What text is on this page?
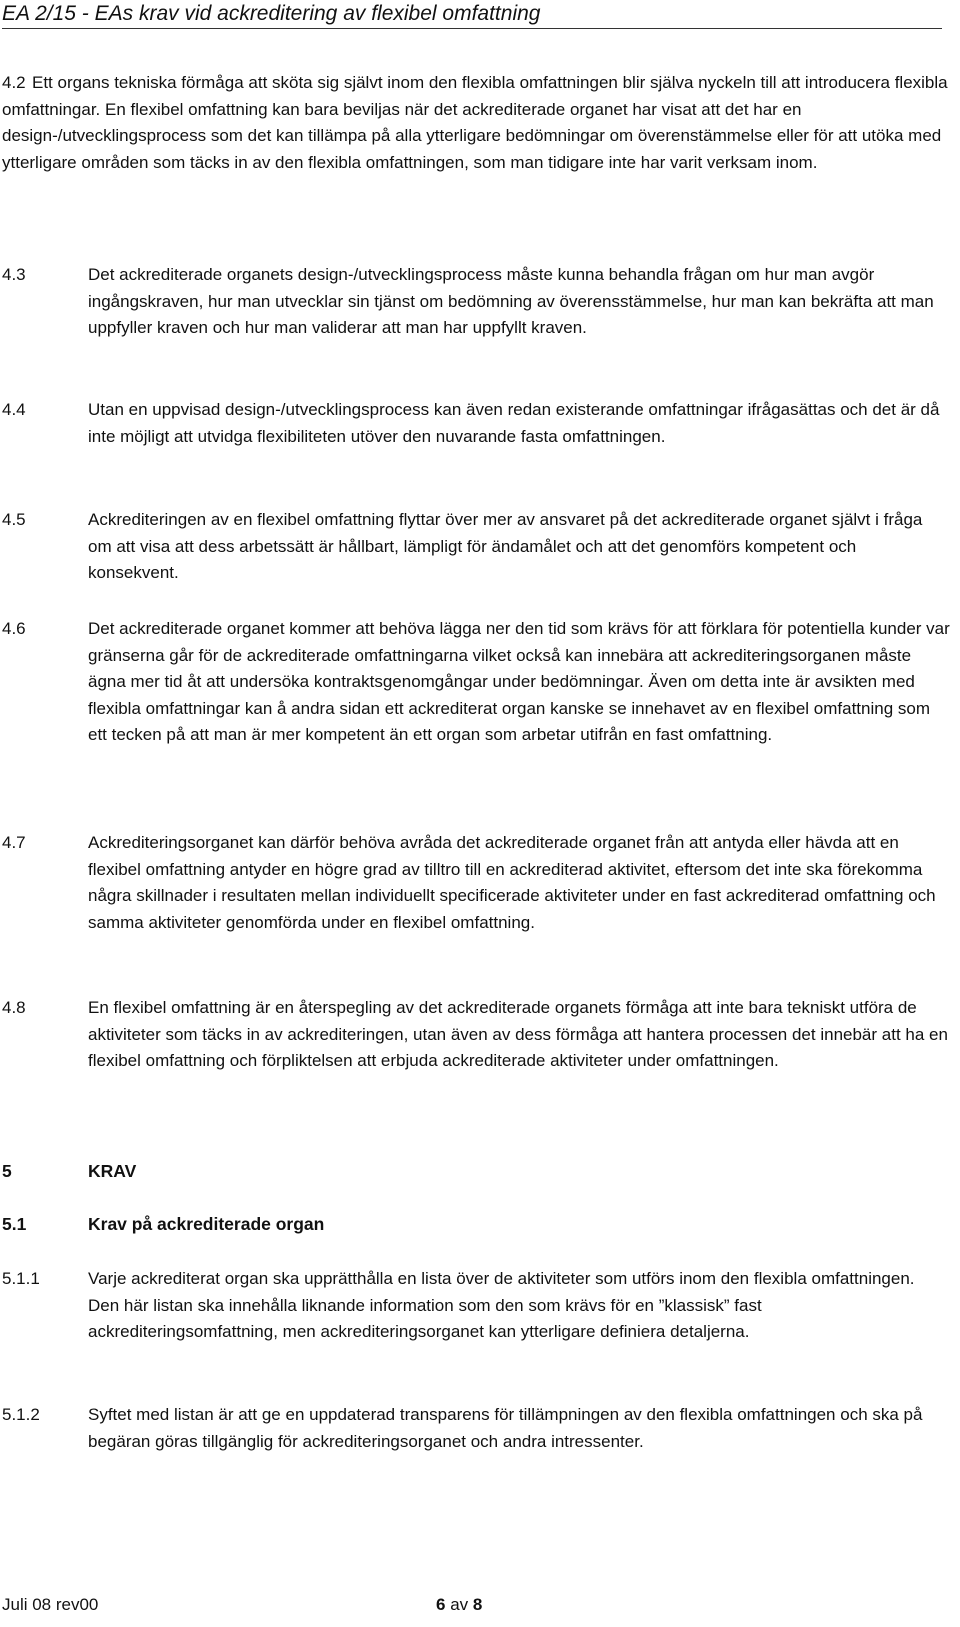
EA 2/15 - EAs krav vid ackreditering av flexibel omfattning
4.2 Ett organs tekniska förmåga att sköta sig självt inom den flexibla omfattningen blir själva nyckeln till att introducera flexibla omfattningar. En flexibel omfattning kan bara beviljas när det ackrediterade organet har visat att det har en design-/utvecklingsprocess som det kan tillämpa på alla ytterligare bedömningar om överenstämmelse eller för att utöka med ytterligare områden som täcks in av den flexibla omfattningen, som man tidigare inte har varit verksam inom.
4.3	Det ackrediterade organets design-/utvecklingsprocess måste kunna behandla frågan om hur man avgör ingångskraven, hur man utvecklar sin tjänst om bedömning av överensstämmelse, hur man kan bekräfta att man uppfyller kraven och hur man validerar att man har uppfyllt kraven.
4.4	Utan en uppvisad design-/utvecklingsprocess kan även redan existerande omfattningar ifrågasättas och det är då inte möjligt att utvidga flexibiliteten utöver den nuvarande fasta omfattningen.
4.5	Ackrediteringen av en flexibel omfattning flyttar över mer av ansvaret på det ackrediterade organet självt i fråga om att visa att dess arbetssätt är hållbart, lämpligt för ändamålet och att det genomförs kompetent och konsekvent.
4.6	Det ackrediterade organet kommer att behöva lägga ner den tid som krävs för att förklara för potentiella kunder var gränserna går för de ackrediterade omfattningarna vilket också kan innebära att ackrediteringsorganen måste ägna mer tid åt att undersöka kontraktsgenomgångar under bedömningar. Även om detta inte är avsikten med flexibla omfattningar kan å andra sidan ett ackrediterat organ kanske se innehavet av en flexibel omfattning som ett tecken på att man är mer kompetent än ett organ som arbetar utifrån en fast omfattning.
4.7	Ackrediteringsorganet kan därför behöva avråda det ackrediterade organet från att antyda eller hävda att en flexibel omfattning antyder en högre grad av tilltro till en ackrediterad aktivitet, eftersom det inte ska förekomma några skillnader i resultaten mellan individuellt specificerade aktiviteter under en fast ackrediterad omfattning och samma aktiviteter genomförda under en flexibel omfattning.
4.8	En flexibel omfattning är en återspegling av det ackrediterade organets förmåga att inte bara tekniskt utföra de aktiviteter som täcks in av ackrediteringen, utan även av dess förmåga att hantera processen det innebär att ha en flexibel omfattning och förpliktelsen att erbjuda ackrediterade aktiviteter under omfattningen.
5	KRAV
5.1	Krav på ackrediterade organ
5.1.1	Varje ackrediterat organ ska upprätthålla en lista över de aktiviteter som utförs inom den flexibla omfattningen. Den här listan ska innehålla liknande information som den som krävs för en ”klassisk” fast ackrediteringsomfattning, men ackrediteringsorganet kan ytterligare definiera detaljerna.
5.1.2	Syftet med listan är att ge en uppdaterad transparens för tillämpningen av den flexibla omfattningen och ska på begäran göras tillgänglig för ackrediteringsorganet och andra intressenter.
Juli 08 rev00	6 av 8
